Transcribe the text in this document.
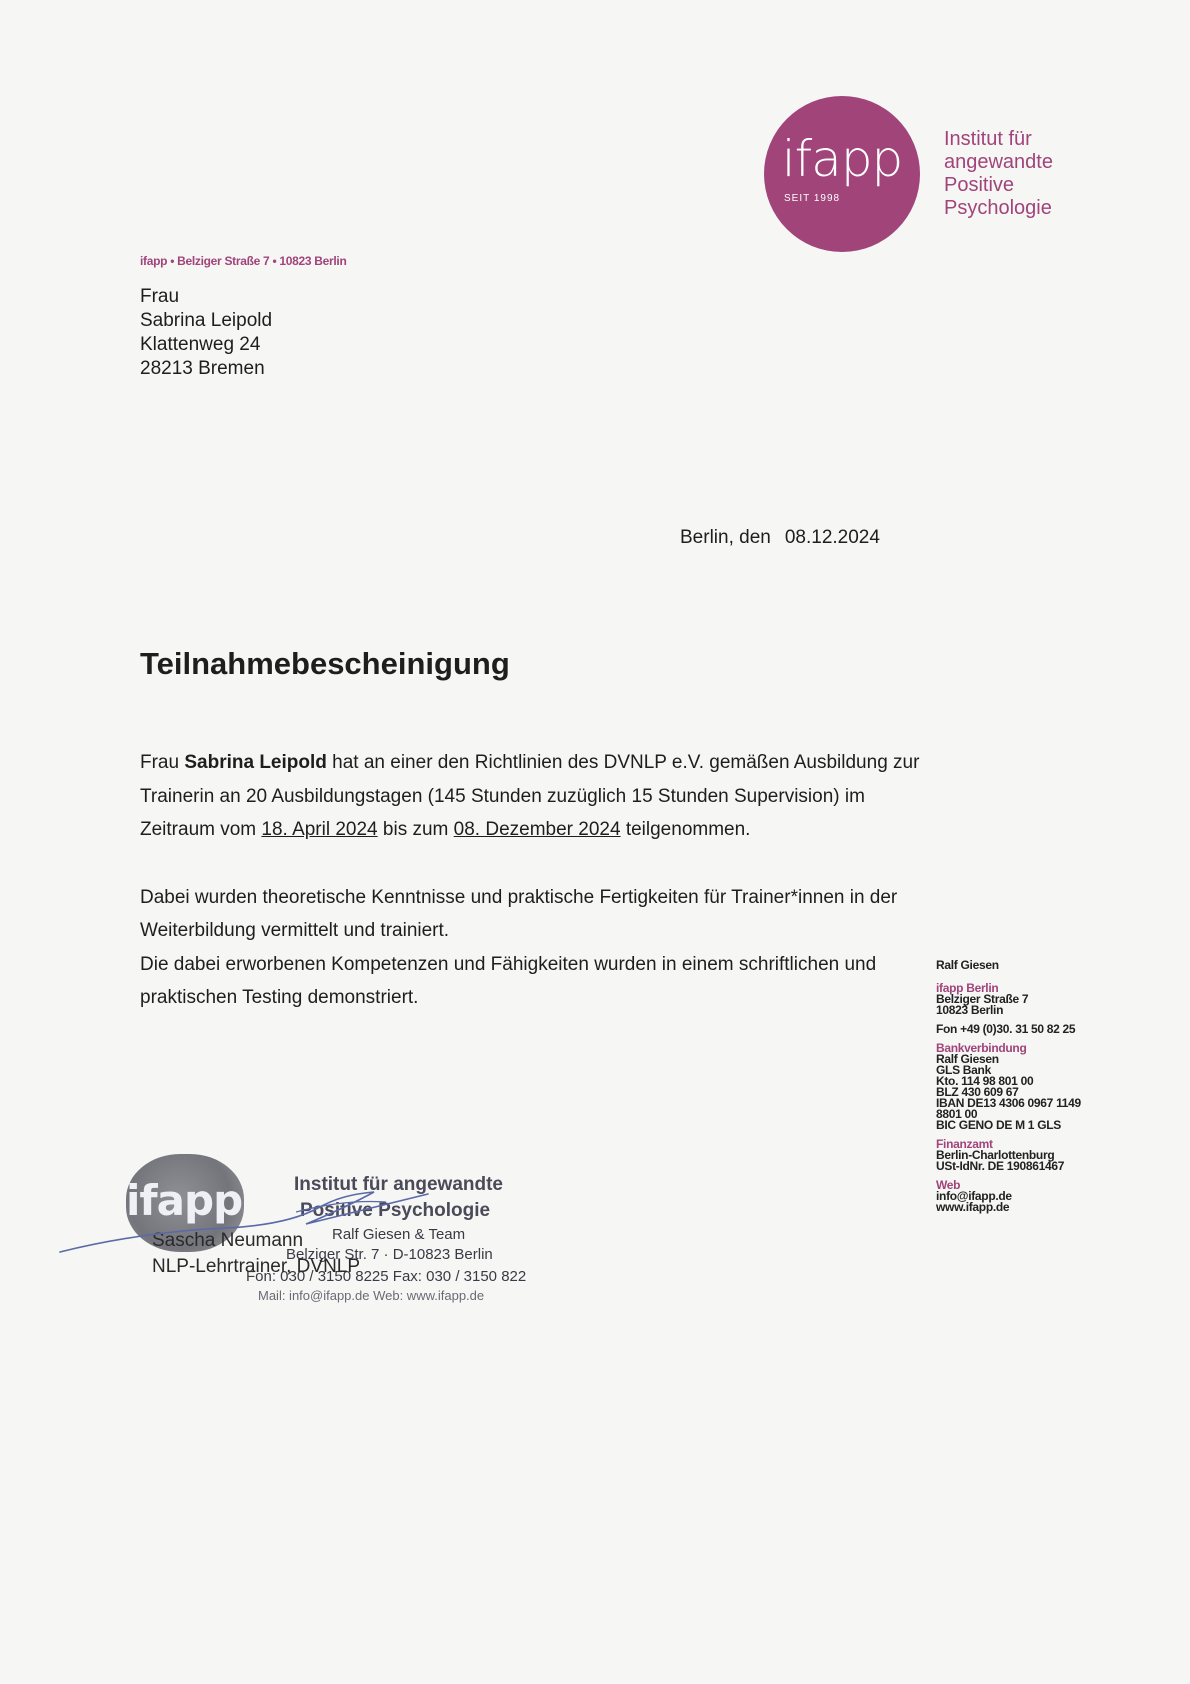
ifapp
SEIT 1998
Institut für
angewandte
Positive
Psychologie
ifapp • Belziger Straße 7 • 10823 Berlin
Frau
Sabrina Leipold
Klattenweg 24
28213 Bremen
Berlin, den 08.12.2024
Teilnahmebescheinigung

Frau Sabrina Leipold hat an einer den Richtlinien des DVNLP e.V. gemäßen Ausbildung zur Trainerin an 20 Ausbildungstagen (145 Stunden zuzüglich 15 Stunden Supervision) im Zeitraum vom 18. April 2024 bis zum 08. Dezember 2024 teilgenommen.

Dabei wurden theoretische Kenntnisse und praktische Fertigkeiten für Trainer*innen in der Weiterbildung vermittelt und trainiert.
Die dabei erworbenen Kompetenzen und Fähigkeiten wurden in einem schriftlichen und praktischen Testing demonstriert.

ifapp	Institut für angewandte
Positive Psychologie
Ralf Giesen & Team
Belziger Str. 7 · D-10823 Berlin
Fon: 030 / 3150 8225 Fax: 030 / 3150 822
Mail: info@ifapp.de Web: www.ifapp.de
Sascha Neumann
NLP-Lehrtrainer, DVNLP
Ralf Giesen
ifapp Berlin
Belziger Straße 7
10823 Berlin
Fon +49 (0)30. 31 50 82 25
Bankverbindung
Ralf Giesen
GLS Bank
Kto. 114 98 801 00
BLZ 430 609 67
IBAN DE13 4306 0967 1149
8801 00
BIC GENO DE M 1 GLS
Finanzamt
Berlin-Charlottenburg
USt-IdNr. DE 190861467
Web
info@ifapp.de
www.ifapp.de
